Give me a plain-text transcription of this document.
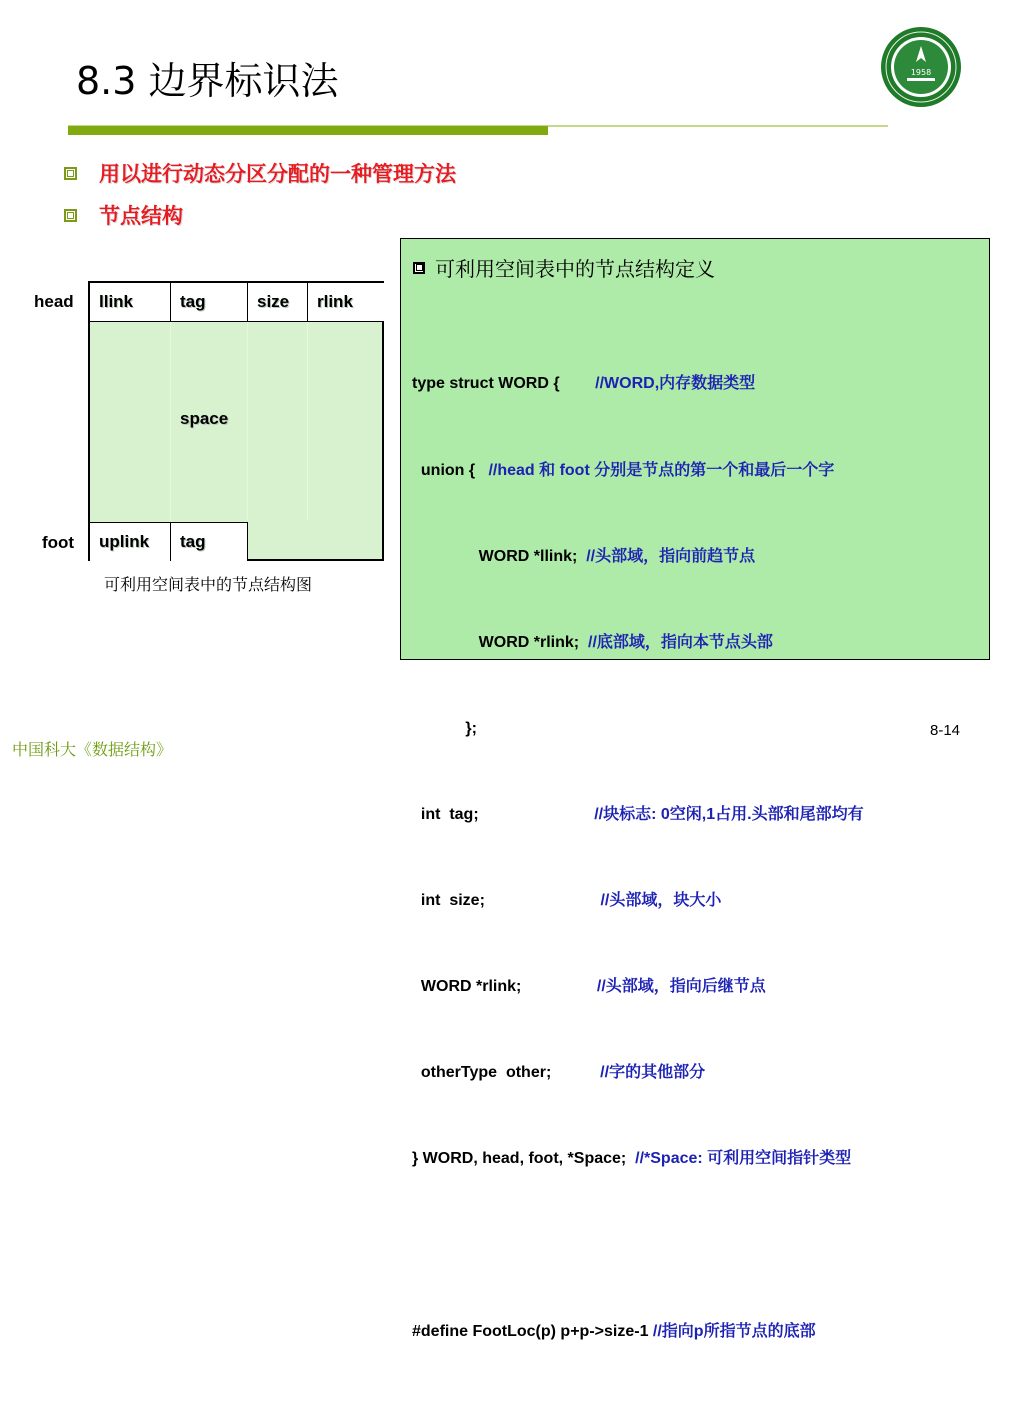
8.3 边界标识法	1958
用以进行动态分区分配的一种管理方法
节点结构
head
foot
llink	tag	size	rlink
space
uplink	tag
可利用空间表中的节点结构图
可利用空间表中的节点结构定义

type struct WORD {        //WORD,内存数据类型

union {   //head 和 foot 分别是节点的第一个和最后一个字

WORD *llink;  //头部域，指向前趋节点

WORD *rlink;  //底部域，指向本节点头部

};

int  tag;                          //块标志: 0空闲,1占用.头部和尾部均有

int  size;                          //头部域，块大小

WORD *rlink;                 //头部域，指向后继节点

otherType  other;           //字的其他部分

} WORD, head, foot, *Space;  //*Space: 可利用空间指针类型

#define FootLoc(p) p+p->size-1 //指向p所指节点的底部

中国科大《数据结构》
8-14
